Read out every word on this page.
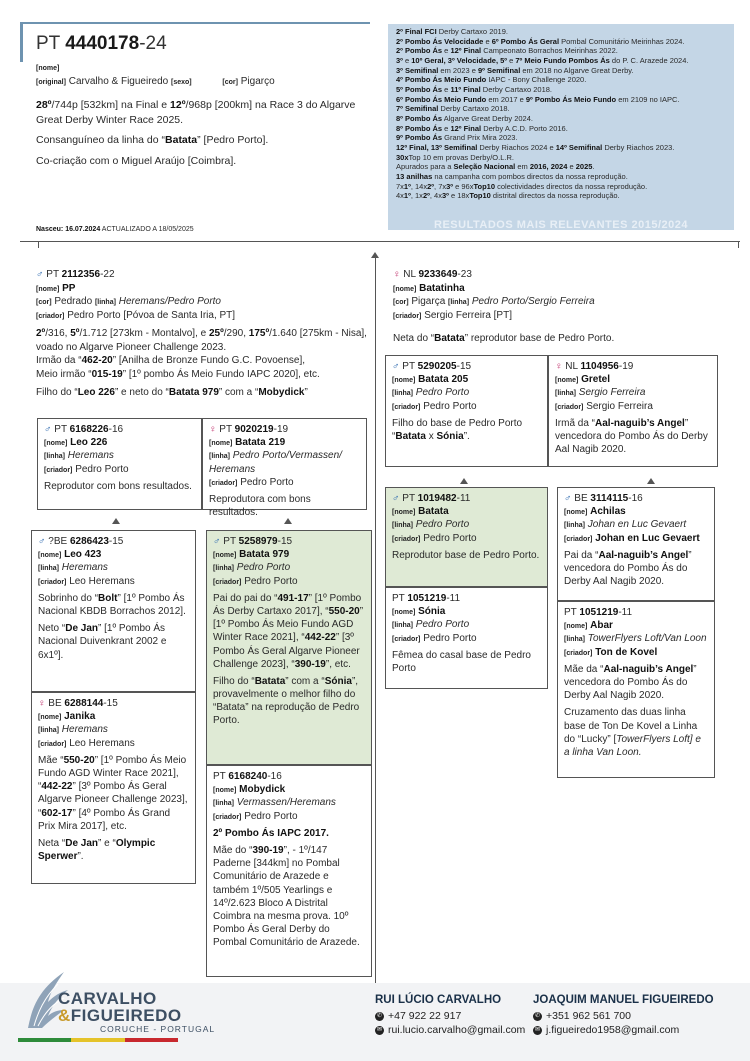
PT 4440178-24
[nome]
[original] Carvalho & Figueiredo [sexo]	[cor] Pigarço

28º/744p [532km] na Final e 12º/968p [200km] na Race 3 do Algarve Great Derby Winter Race 2025.

Consanguíneo da linha do “Batata” [Pedro Porto].

Co-criação com o Miguel Araújo [Coimbra].

Nasceu: 16.07.2024 ACTUALIZADO A 18/05/2025
2º Final FCI Derby Cartaxo 2019.
2º Pombo Ás Velocidade e 6º Pombo Ás Geral Pombal Comunitário Meirinhas 2024.
2º Pombo Ás e 12º Final Campeonato Borrachos Meirinhas 2022.
3º e 10º Geral, 3º Velocidade, 5º e 7º Meio Fundo Pombos Ás do P. C. Arazede 2024.
3º Semifinal em 2023 e 9º Semifinal em 2018 no Algarve Great Derby.
4º Pombo Ás Meio Fundo IAPC - Bony Challenge 2020.
5º Pombo Ás e 11º Final Derby Cartaxo 2018.
6º Pombo Ás Meio Fundo em 2017 e 9º Pombo Ás Meio Fundo em 2109 no IAPC.
7º Semifinal Derby Cartaxo 2018.
8º Pombo Ás Algarve Great Derby 2024.
8º Pombo Ás e 12º Final Derby A.C.D. Porto 2016.
9º Pombo Ás Grand Prix Mira 2023.
12º Final, 13º Semifinal Derby Riachos 2024 e 14º Semifinal Derby Riachos 2023.
30xTop 10 em provas Derby/O.L.R.
Apurados para a Seleção Nacional em 2016, 2024 e 2025.
13 anilhas na campanha com pombos directos da nossa reprodução.
7x1º, 14x2º, 7x3º e 96xTop10 colectividades directos da nossa reprodução.
4x1º, 1x2º, 4x3º e 18xTop10 distrital directos da nossa reprodução.
RESULTADOS MAIS RELEVANTES 2015/2024
♂ PT 2112356-22
[nome] PP
[cor] Pedrado [linha] Heremans/Pedro Porto
[criador] Pedro Porto [Póvoa de Santa Iria, PT]
2º/316, 5º/1.712 [273km - Montalvo], e 25º/290, 175º/1.640 [275km - Nisa], voado no Algarve Pioneer Challenge 2023.
Irmão da “462-20” [Anilha de Bronze Fundo G.C. Povoense],
Meio irmão “015-19” [1º pombo Ás Meio Fundo IAPC 2020], etc.
Filho do “Leo 226” e neto do “Batata 979” com a “Mobydick”
♀ NL 9233649-23
[nome] Batatinha
[cor] Pigarça [linha] Pedro Porto/Sergio Ferreira
[criador] Sergio Ferreira [PT]
Neta do “Batata” reprodutor base de Pedro Porto.
♂ PT 6168226-16
[nome] Leo 226
[linha] Heremans
[criador] Pedro Porto
Reprodutor com bons resultados.
♀ PT 9020219-19
[nome] Batata 219
[linha] Pedro Porto/Vermassen/ Heremans
[criador] Pedro Porto
Reprodutora com bons resultados.
♂ PT 5290205-15
[nome] Batata 205
[linha] Pedro Porto
[criador] Pedro Porto
Filho do base de Pedro Porto “Batata x Sónia”.
♀ NL 1104956-19
[nome] Gretel
[linha] Sergio Ferreira
[criador] Sergio Ferreira
Irmã da “Aal-naguib’s Angel” vencedora do Pombo Ás do Derby Aal Nagib 2020.
♂ ?BE 6286423-15
[nome] Leo 423
[linha] Heremans
[criador] Leo Heremans
Sobrinho do “Bolt” [1º Pombo Ás Nacional KBDB Borrachos 2012].
Neto “De Jan” [1º Pombo Ás Nacional Duivenkrant 2002 e 6x1º].
♀ BE 6288144-15
[nome] Janika
[linha] Heremans
[criador] Leo Heremans
Mãe “550-20” [1º Pombo Ás Meio Fundo AGD Winter Race 2021], “442-22” [3º Pombo Ás Geral Algarve Pioneer Challenge 2023], “602-17” [4º Pombo Ás Grand Prix Mira 2017], etc.
Neta “De Jan” e “Olympic Sperwer”.
♂ PT 5258979-15
[nome] Batata 979
[linha] Pedro Porto
[criador] Pedro Porto
Pai do pai do “491-17” [1º Pombo Ás Derby Cartaxo 2017], “550-20” [1º Pombo Ás Meio Fundo AGD Winter Race 2021], “442-22” [3º Pombo Ás Geral Algarve Pioneer Challenge 2023], “390-19”, etc.
Filho do “Batata” com a “Sónia”, provavelmente o melhor filho do “Batata” na reprodução de Pedro Porto.
PT 6168240-16
[nome] Mobydick
[linha] Vermassen/Heremans
[criador] Pedro Porto
2º Pombo Ás IAPC 2017.
Mãe do “390-19”, - 1º/147 Paderne [344km] no Pombal Comunitário de Arazede e também 1º/505 Yearlings e 14º/2.623 Bloco A Distrital Coimbra na mesma prova. 10º Pombo Ás Geral Derby do Pombal Comunitário de Arazede.
♂ PT 1019482-11
[nome] Batata
[linha] Pedro Porto
[criador] Pedro Porto
Reprodutor base de Pedro Porto.
PT 1051219-11
[nome] Sónia
[linha] Pedro Porto
[criador] Pedro Porto
Fêmea do casal base de Pedro Porto
♂ BE 3114115-16
[nome] Achilas
[linha] Johan en Luc Gevaert
[criador] Johan en Luc Gevaert
Pai da “Aal-naguib’s Angel” vencedora do Pombo Ás do Derby Aal Nagib 2020.
PT 1051219-11
[nome] Abar
[linha] TowerFlyers Loft/Van Loon
[criador] Ton de Kovel
Mãe da “Aal-naguib’s Angel” vencedora do Pombo Ás do Derby Aal Nagib 2020.
Cruzamento das duas linha base de Ton De Kovel a Linha do “Lucky” [TowerFlyers Loft] e a linha Van Loon.
CARVALHO
&FIGUEIREDO
CORUCHE - PORTUGAL
RUI LÚCIO CARVALHO
✆ +47 922 22 917
✉ rui.lucio.carvalho@gmail.com
JOAQUIM MANUEL FIGUEIREDO
✆ +351 962 561 700
✉ j.figueiredo1958@gmail.com
